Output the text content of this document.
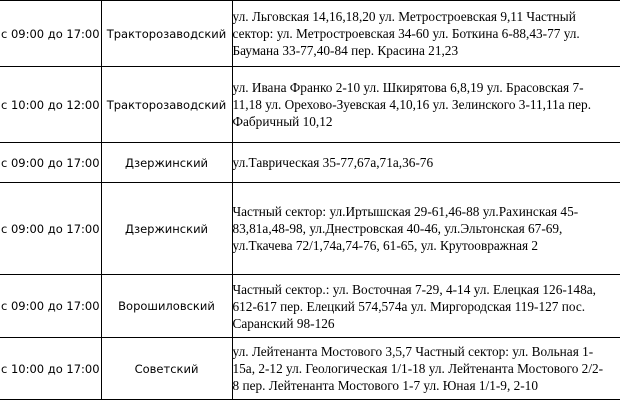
с 09:00 до 17:00	Тракторозаводский	ул. Льговская 14,16,18,20 ул. Метростроевская 9,11 Частный
сектор: ул. Метростроевская 34-60 ул. Боткина 6-88,43-77 ул.
Баумана 33-77,40-84 пер. Красина 21,23

с 10:00 до 12:00	Тракторозаводский	ул. Ивана Франко 2-10 ул. Шкирятова 6,8,19 ул. Брасовская 7-
11,18 ул. Орехово-Зуевская 4,10,16 ул. Зелинского 3-11,11а пер.
Фабричный 10,12

с 09:00 до 17:00	Дзержинский	ул.Таврическая 35-77,67а,71а,36-76

с 09:00 до 17:00	Дзержинский	Частный сектор: ул.Иртышская 29-61,46-88 ул.Рахинская 45-
83,81а,48-98, ул.Днестровская 40-46, ул.Эльтонская 67-69,
ул.Ткачева 72/1,74а,74-76, 61-65, ул. Крутоовражная 2

с 09:00 до 17:00	Ворошиловский	Частный сектор.: ул. Восточная 7-29, 4-14 ул. Елецкая 126-148а,
612-617 пер. Елецкий 574,574а ул. Миргородская 119-127 пос.
Саранский 98-126

с 10:00 до 17:00	Советский	ул. Лейтенанта Мостового 3,5,7 Частный сектор: ул. Вольная 1-
15а, 2-12 ул. Геологическая 1/1-18 ул. Лейтенанта Мостового 2/2-
8 пер. Лейтенанта Мостового 1-7 ул. Юная 1/1-9, 2-10
